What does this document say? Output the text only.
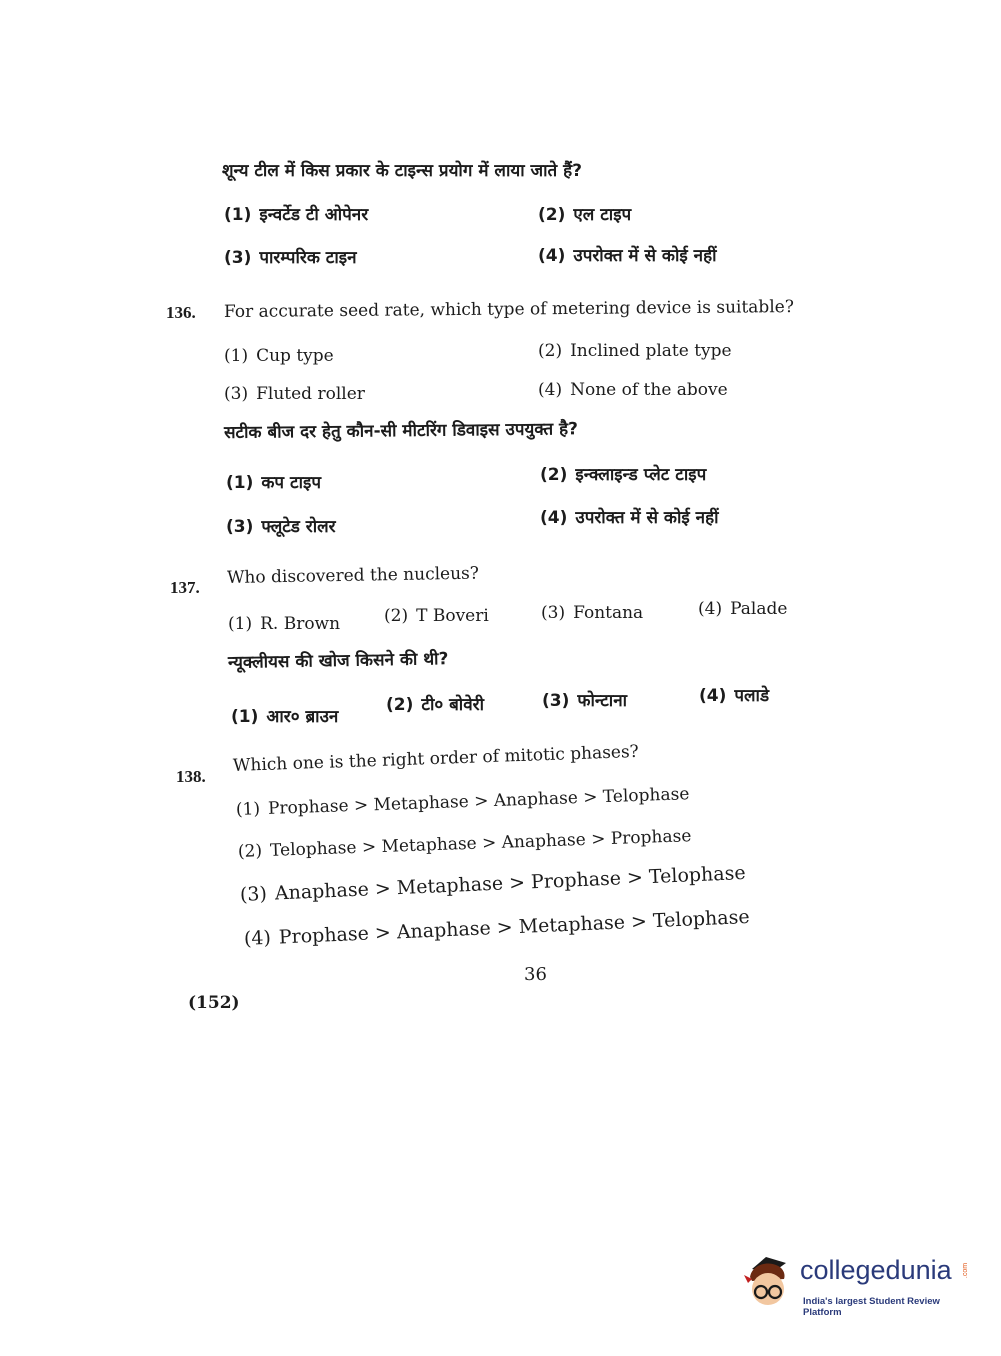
शून्य टील में किस प्रकार के टाइन्स प्रयोग में लाया जाते हैं?
(1) इन्वर्टेड टी ओपेनर	(2) एल टाइप
(3) पारम्परिक टाइन	(4) उपरोक्त में से कोई नहीं
136. For accurate seed rate, which type of metering device is suitable?
(1) Cup type	(2) Inclined plate type
(3) Fluted roller	(4) None of the above
सटीक बीज दर हेतु कौन-सी मीटरिंग डिवाइस उपयुक्त है?
(1) कप टाइप	(2) इन्क्लाइन्ड प्लेट टाइप
(3) फ्लूटेड रोलर	(4) उपरोक्त में से कोई नहीं
137. Who discovered the nucleus?
(1) R. Brown	(2) T Boveri	(3) Fontana	(4) Palade
न्यूक्लीयस की खोज किसने की थी?
(1) आर० ब्राउन
(2) टी० बोवेरी	(3) फोन्टाना	(4) पलाडे
138.
Which one is the right order of mitotic phases?
(1) Prophase > Metaphase > Anaphase > Telophase
(2) Telophase > Metaphase > Anaphase > Prophase
(3) Anaphase > Metaphase > Prophase > Telophase
(4) Prophase > Anaphase > Metaphase > Telophase
36
(152)
collegedunia .com
India's largest Student Review Platform
